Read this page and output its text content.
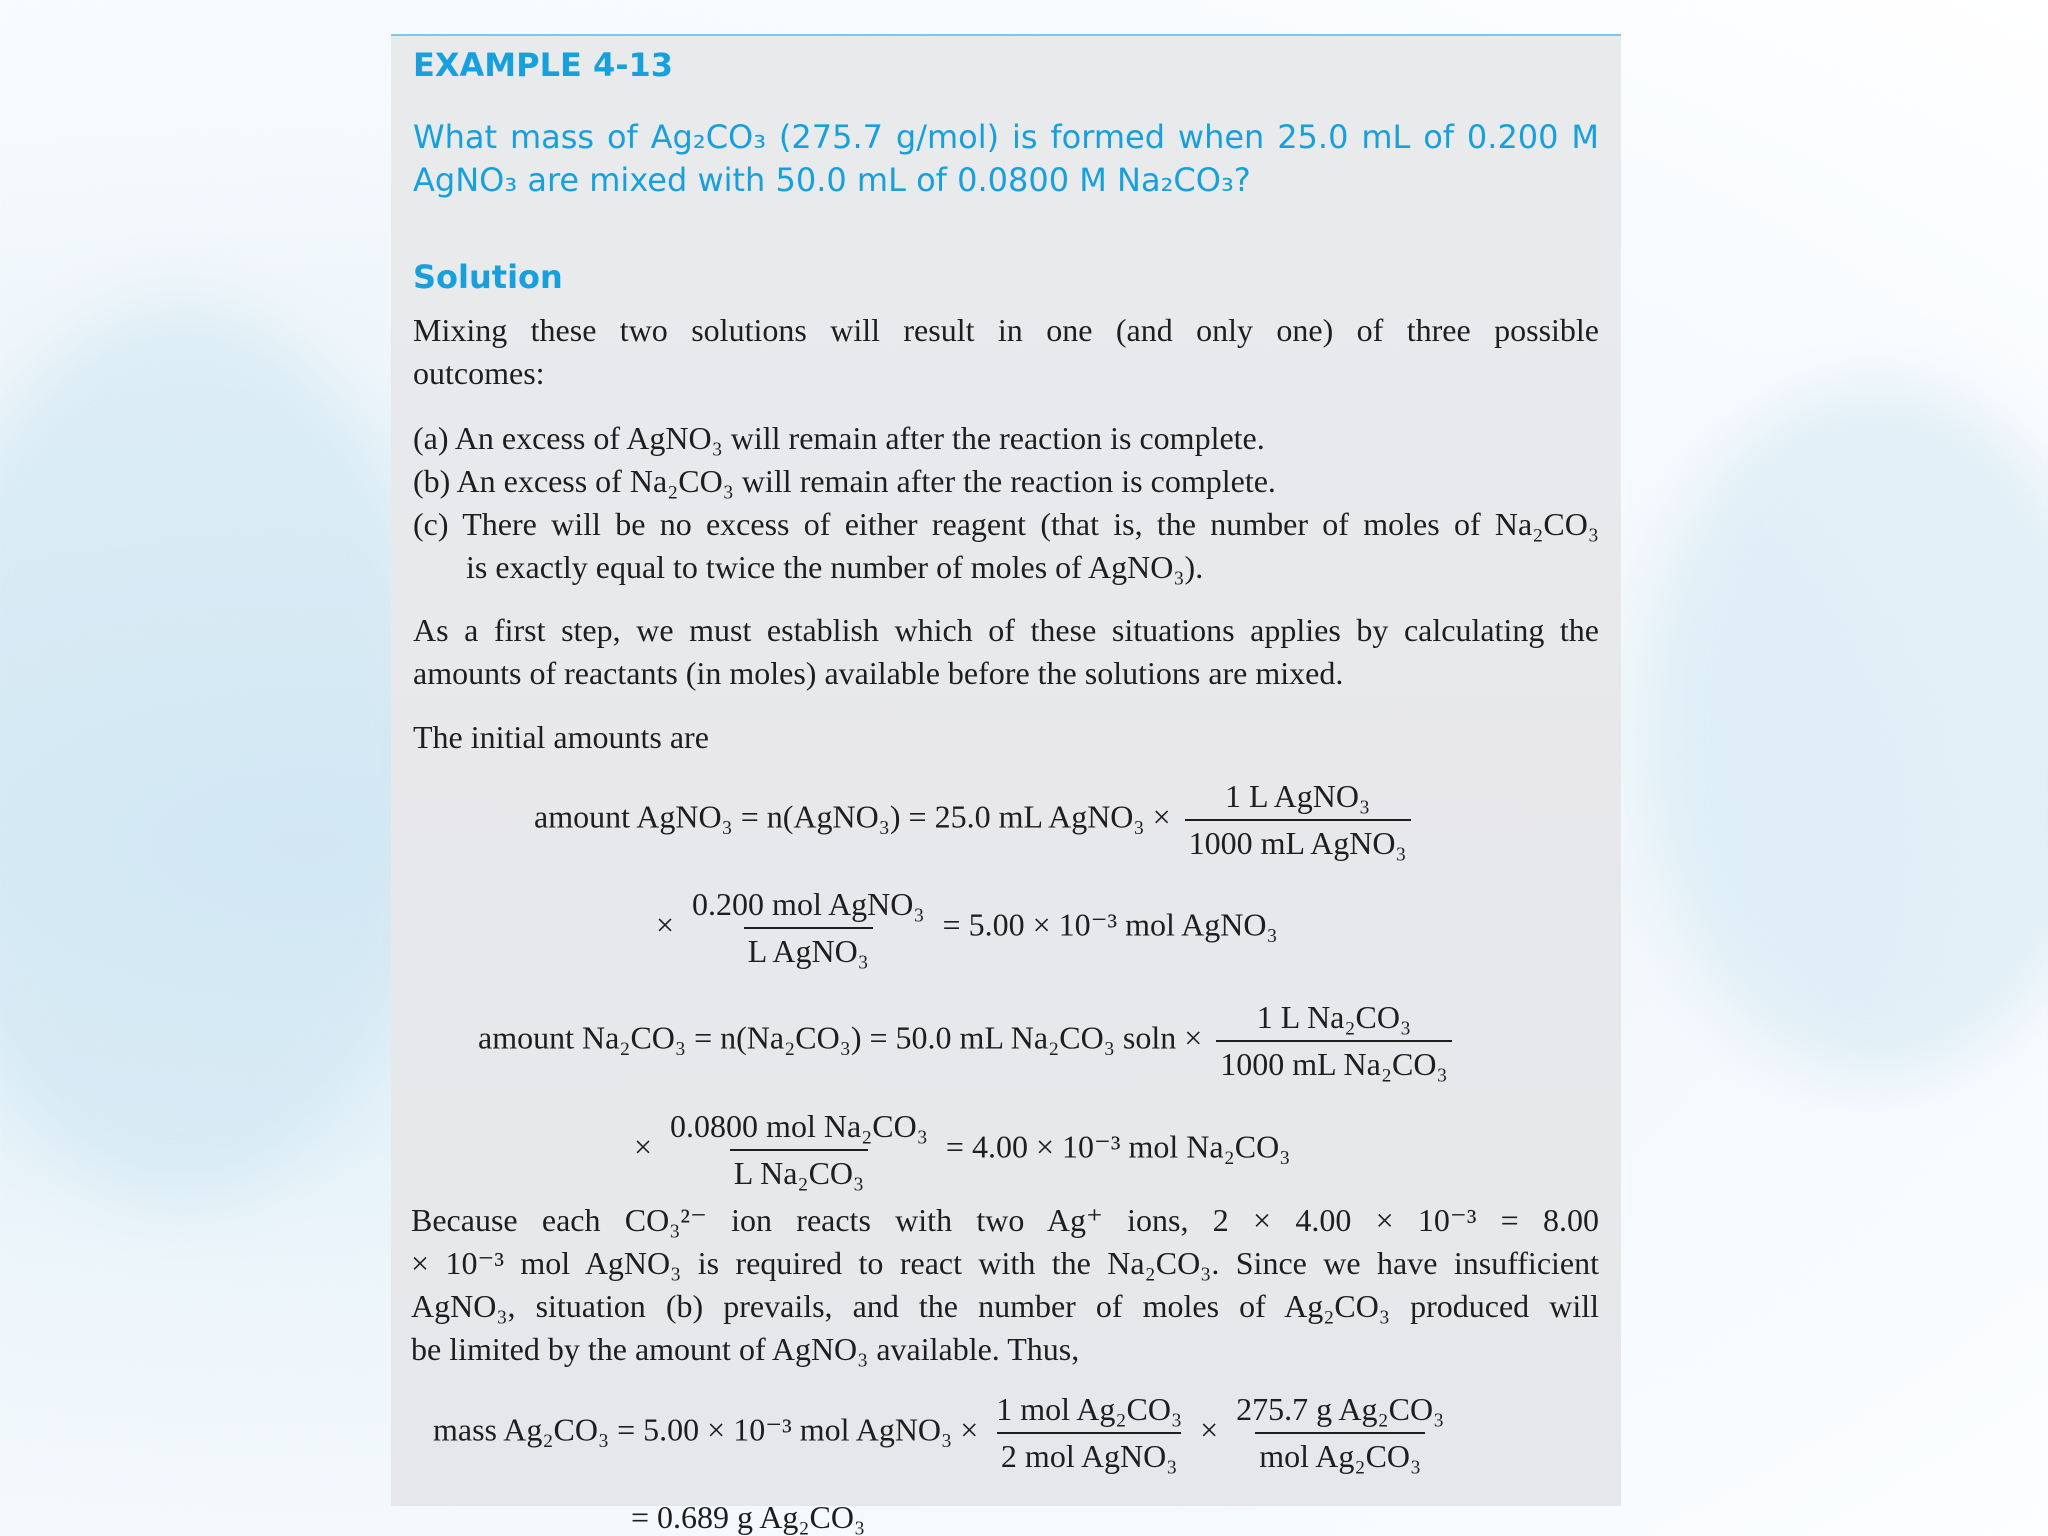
EXAMPLE 4-13
What mass of Ag₂CO₃ (275.7 g/mol) is formed when 25.0 mL of 0.200 M
AgNO₃ are mixed with 50.0 mL of 0.0800 M Na₂CO₃?
Solution
Mixing these two solutions will result in one (and only one) of three possible
outcomes:
(a) An excess of AgNO₃ will remain after the reaction is complete.
(b) An excess of Na₂CO₃ will remain after the reaction is complete.
(c) There will be no excess of either reagent (that is, the number of moles of Na₂CO₃
is exactly equal to twice the number of moles of AgNO₃).
As a first step, we must establish which of these situations applies by calculating the
amounts of reactants (in moles) available before the solutions are mixed.
The initial amounts are
amount AgNO₃ = n(AgNO₃) = 25.0 mL AgNO₃ × $\frac{\text{1 L AgNO₃}}{\text{1000 mL AgNO₃}}$
× $\frac{\text{0.200 mol AgNO₃}}{\text{L AgNO₃}} = 5.00 \times 10^{-3}$ mol AgNO₃
amount Na₂CO₃ = n(Na₂CO₃) = 50.0 mL Na₂CO₃ $soln \times \frac{\text{1 L Na₂CO₃}}{\text{1000 mL Na₂CO₃}}$
× $\frac{\text{0.0800 mol Na₂CO₃}}{\text{L Na₂CO₃}} = 4.00 \times 10^{-3}$ mol Na₂CO₃
Because each CO₃²⁻ ion reacts with two Ag⁺ ions, 2 × 4.00 × 10⁻³ = 8.00
× 10⁻³ mol AgNO₃ is required to react with the Na₂CO₃. Since we have insufficient
AgNO₃, situation (b) prevails, and the number of moles of Ag₂CO₃ produced will
be limited by the amount of AgNO₃ available. Thus,
mass Ag₂CO₃ = 5.00 × 10⁻³ mol AgNO₃ × $\frac{\text{1 mol Ag₂CO₃}}{\text{2 mol AgNO₃}} \times \frac{\text{275.7 g Ag₂CO₃}}{\text{mol Ag₂CO₃}}$
= 0.689 g Ag₂CO₃
